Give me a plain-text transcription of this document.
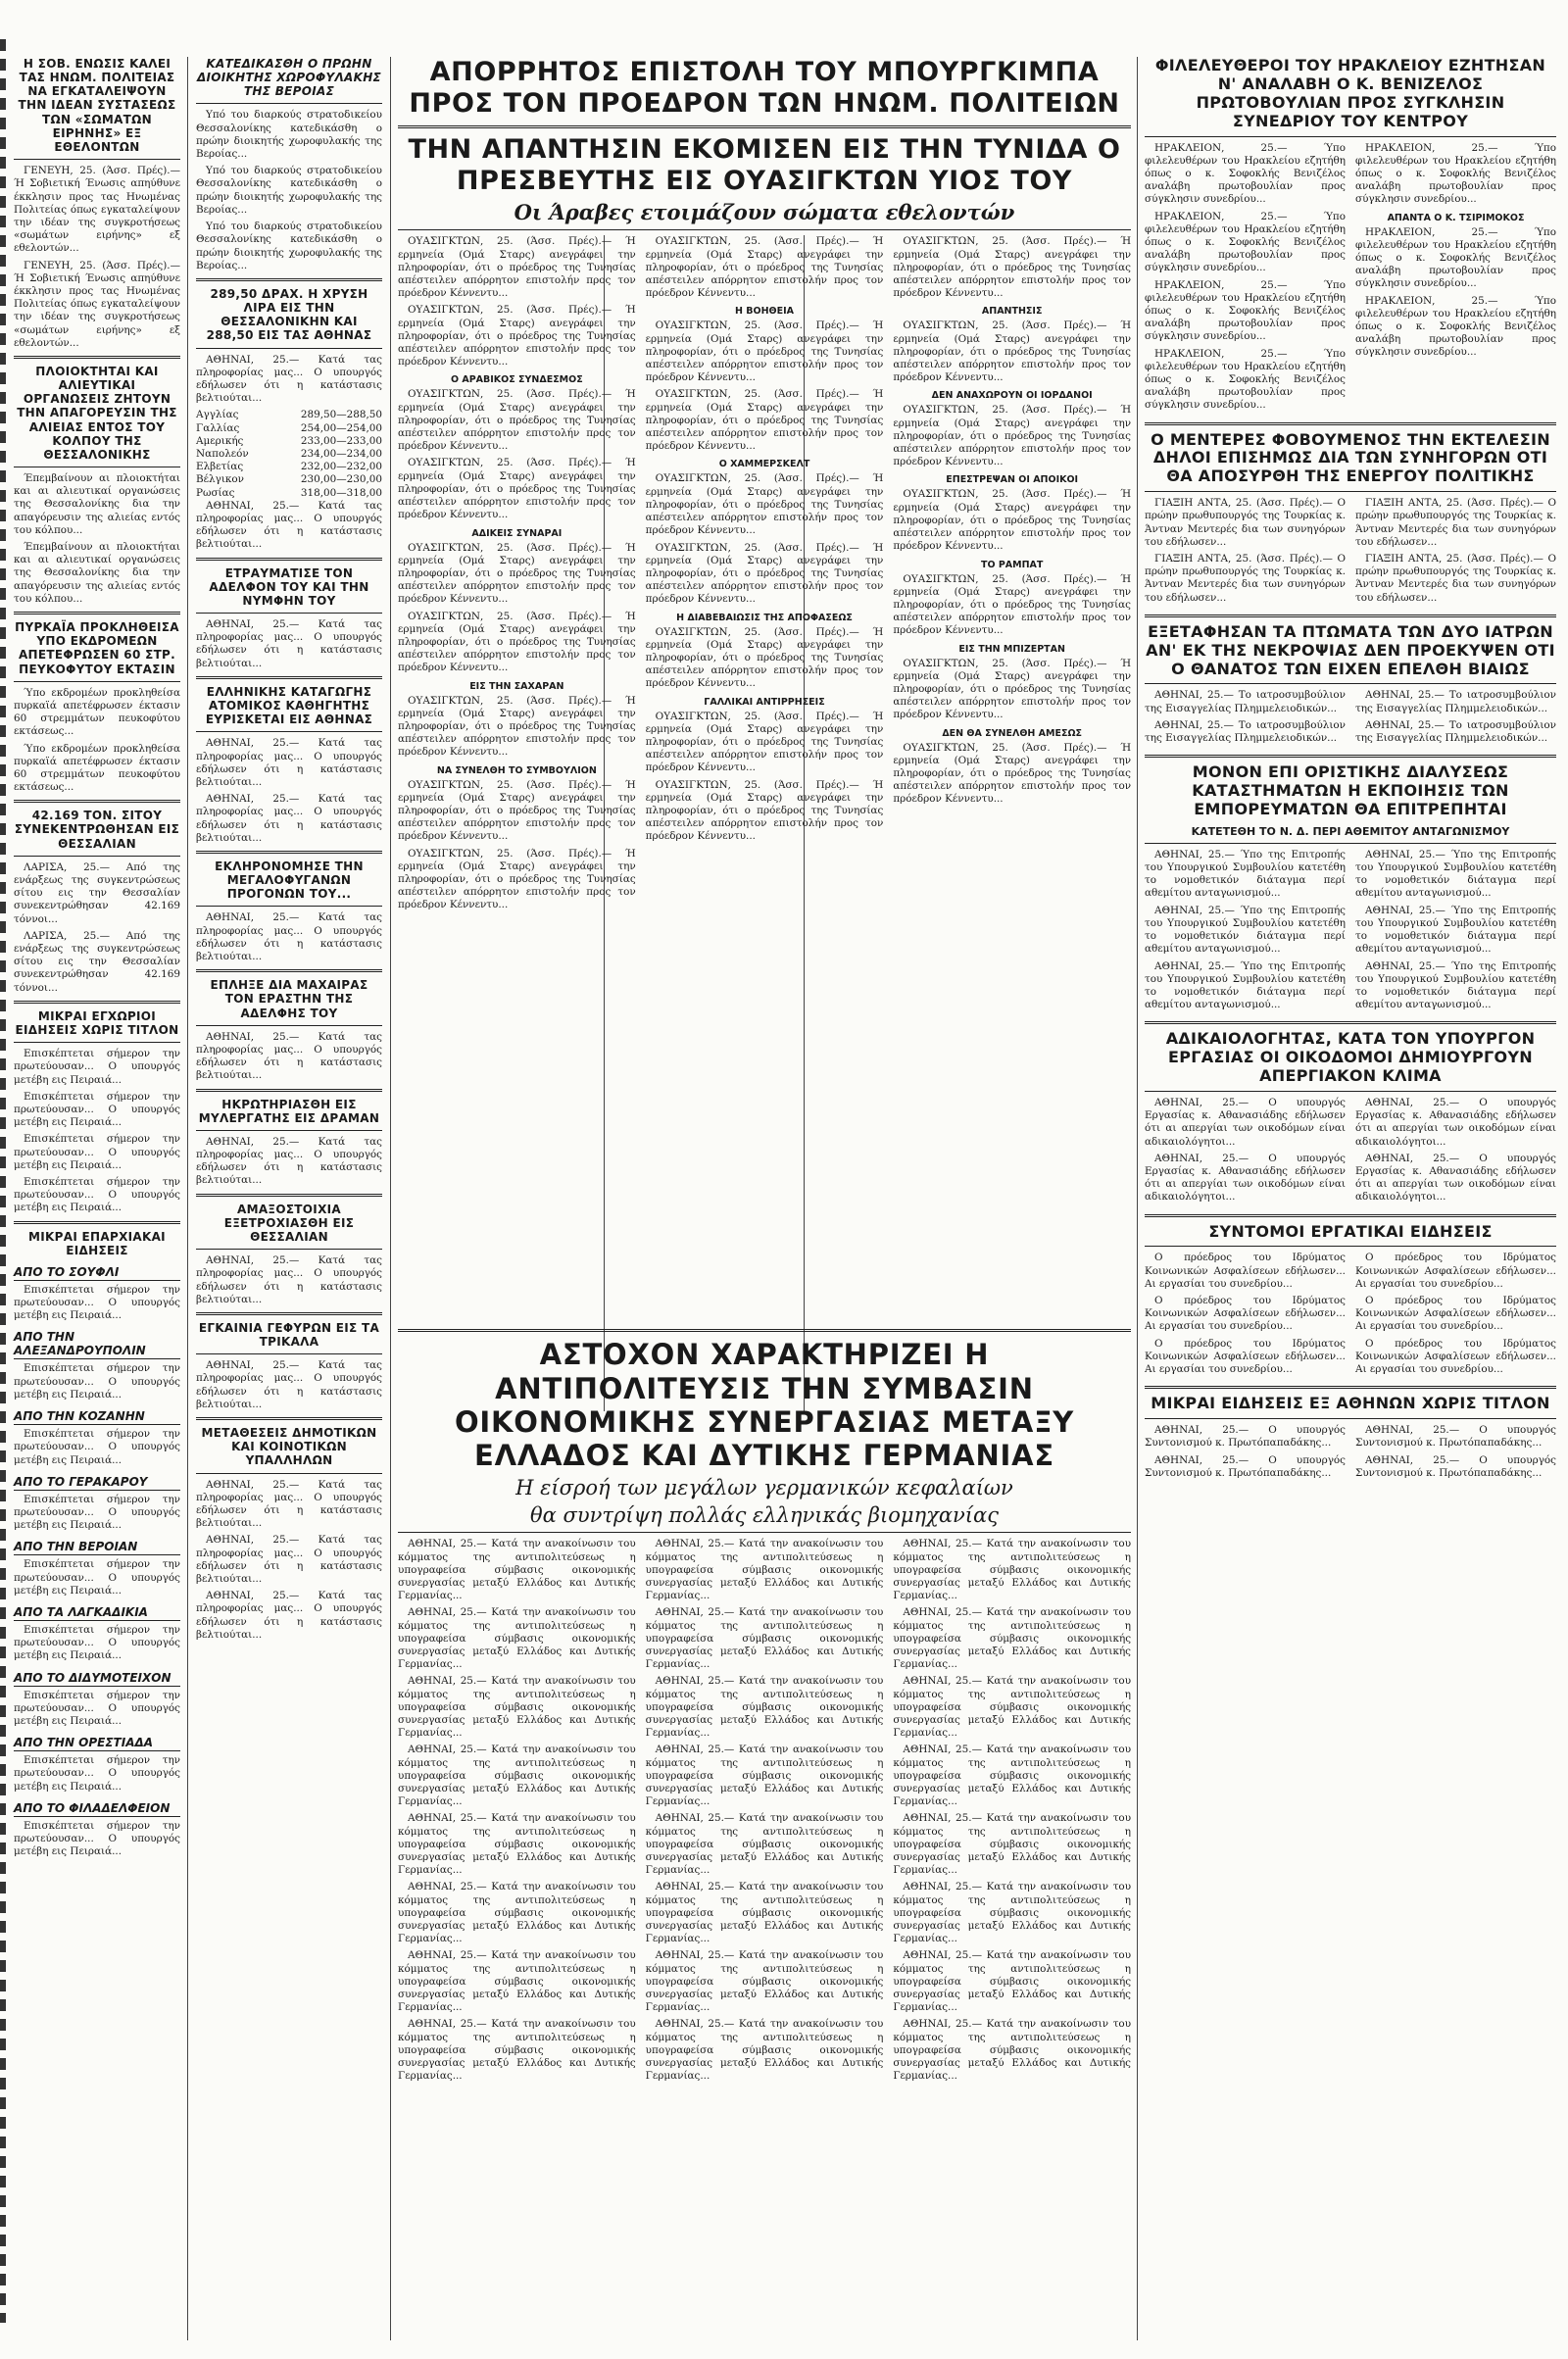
Η ΣΟΒ. ΕΝΩΣΙΣ ΚΑΛΕΙ ΤΑΣ ΗΝΩΜ. ΠΟΛΙΤΕΙΑΣ ΝΑ ΕΓΚΑΤΑΛΕΙΨΟΥΝ ΤΗΝ ΙΔΕΑΝ ΣΥΣΤΑΣΕΩΣ ΤΩΝ «ΣΩΜΑΤΩΝ ΕΙΡΗΝΗΣ» ΕΞ ΕΘΕΛΟΝΤΩΝ

ΓΕΝΕΥΗ, 25. (Άσσ. Πρές).— Ή Σοβιετική Ένωσις απηύθυνε έκκλησιν προς τας Ηνωμένας Πολιτείας όπως εγκαταλείψουν την ιδέαν της συγκροτήσεως «σωμάτων ειρήνης» εξ εθελοντών...

ΓΕΝΕΥΗ, 25. (Άσσ. Πρές).— Ή Σοβιετική Ένωσις απηύθυνε έκκλησιν προς τας Ηνωμένας Πολιτείας όπως εγκαταλείψουν την ιδέαν της συγκροτήσεως «σωμάτων ειρήνης» εξ εθελοντών...

ΠΛΟΙΟΚΤΗΤΑΙ ΚΑΙ ΑΛΙΕΥΤΙΚΑΙ ΟΡΓΑΝΩΣΕΙΣ ΖΗΤΟΥΝ ΤΗΝ ΑΠΑΓΟΡΕΥΣΙΝ ΤΗΣ ΑΛΙΕΙΑΣ ΕΝΤΟΣ ΤΟΥ ΚΟΛΠΟΥ ΤΗΣ ΘΕΣΣΑΛΟΝΙΚΗΣ

Έπεμβαίνουν αι πλοιοκτήται και αι αλιευτικαί οργανώσεις της Θεσσαλονίκης δια την απαγόρευσιν της αλιείας εντός του κόλπου...

Έπεμβαίνουν αι πλοιοκτήται και αι αλιευτικαί οργανώσεις της Θεσσαλονίκης δια την απαγόρευσιν της αλιείας εντός του κόλπου...

ΠΥΡΚΑΪΑ ΠΡΟΚΛΗΘΕΙΣΑ ΥΠΟ ΕΚΔΡΟΜΕΩΝ ΑΠΕΤΕΦΡΩΣΕΝ 60 ΣΤΡ. ΠΕΥΚΟΦΥΤΟΥ ΕΚΤΑΣΙΝ

Ύπο εκδρομέων προκληθείσα πυρκαϊά απετέφρωσεν έκτασιν 60 στρεμμάτων πευκοφύτου εκτάσεως...

Ύπο εκδρομέων προκληθείσα πυρκαϊά απετέφρωσεν έκτασιν 60 στρεμμάτων πευκοφύτου εκτάσεως...

42.169 ΤΟΝ. ΣΙΤΟΥ ΣΥΝΕΚΕΝΤΡΩΘΗΣΑΝ ΕΙΣ ΘΕΣΣΑΛΙΑΝ

ΛΑΡΙΣΑ, 25.— Από της ενάρξεως της συγκεντρώσεως σίτου εις την Θεσσαλίαν συνεκεντρώθησαν 42.169 τόννοι...

ΛΑΡΙΣΑ, 25.— Από της ενάρξεως της συγκεντρώσεως σίτου εις την Θεσσαλίαν συνεκεντρώθησαν 42.169 τόννοι...

ΜΙΚΡΑΙ ΕΓΧΩΡΙΟΙ ΕΙΔΗΣΕΙΣ ΧΩΡΙΣ ΤΙΤΛΟΝ

Επισκέπτεται σήμερον την πρωτεύουσαν... Ο υπουργός μετέβη εις Πειραιά...

Επισκέπτεται σήμερον την πρωτεύουσαν... Ο υπουργός μετέβη εις Πειραιά...

Επισκέπτεται σήμερον την πρωτεύουσαν... Ο υπουργός μετέβη εις Πειραιά...

Επισκέπτεται σήμερον την πρωτεύουσαν... Ο υπουργός μετέβη εις Πειραιά...

ΜΙΚΡΑΙ ΕΠΑΡΧΙΑΚΑΙ ΕΙΔΗΣΕΙΣ
ΑΠΟ ΤΟ ΣΟΥΦΛΙ

Επισκέπτεται σήμερον την πρωτεύουσαν... Ο υπουργός μετέβη εις Πειραιά...

ΑΠΟ ΤΗΝ ΑΛΕΞΑΝΔΡΟΥΠΟΛΙΝ

Επισκέπτεται σήμερον την πρωτεύουσαν... Ο υπουργός μετέβη εις Πειραιά...

ΑΠΟ ΤΗΝ ΚΟΖΑΝΗΝ

Επισκέπτεται σήμερον την πρωτεύουσαν... Ο υπουργός μετέβη εις Πειραιά...

ΑΠΟ ΤΟ ΓΕΡΑΚΑΡΟΥ

Επισκέπτεται σήμερον την πρωτεύουσαν... Ο υπουργός μετέβη εις Πειραιά...

ΑΠΟ ΤΗΝ ΒΕΡΟΙΑΝ

Επισκέπτεται σήμερον την πρωτεύουσαν... Ο υπουργός μετέβη εις Πειραιά...

ΑΠΟ ΤΑ ΛΑΓΚΑΔΙΚΙΑ

Επισκέπτεται σήμερον την πρωτεύουσαν... Ο υπουργός μετέβη εις Πειραιά...

ΑΠΟ ΤΟ ΔΙΔΥΜΟΤΕΙΧΟΝ

Επισκέπτεται σήμερον την πρωτεύουσαν... Ο υπουργός μετέβη εις Πειραιά...

ΑΠΟ ΤΗΝ ΟΡΕΣΤΙΑΔΑ

Επισκέπτεται σήμερον την πρωτεύουσαν... Ο υπουργός μετέβη εις Πειραιά...

ΑΠΟ ΤΟ ΦΙΛΑΔΕΛΦΕΙΟΝ

Επισκέπτεται σήμερον την πρωτεύουσαν... Ο υπουργός μετέβη εις Πειραιά...

ΚΑΤΕΔΙΚΑΣΘΗ Ο ΠΡΩΗΝ ΔΙΟΙΚΗΤΗΣ ΧΩΡΟΦΥΛΑΚΗΣ ΤΗΣ ΒΕΡΟΙΑΣ

Υπό του διαρκούς στρατοδικείου Θεσσαλονίκης κατεδικάσθη ο πρώην διοικητής χωροφυλακής της Βεροίας...

Υπό του διαρκούς στρατοδικείου Θεσσαλονίκης κατεδικάσθη ο πρώην διοικητής χωροφυλακής της Βεροίας...

Υπό του διαρκούς στρατοδικείου Θεσσαλονίκης κατεδικάσθη ο πρώην διοικητής χωροφυλακής της Βεροίας...

289,50 ΔΡΑΧ. Η ΧΡΥΣΗ ΛΙΡΑ ΕΙΣ ΤΗΝ ΘΕΣΣΑΛΟΝΙΚΗΝ ΚΑΙ 288,50 ΕΙΣ ΤΑΣ ΑΘΗΝΑΣ

ΑΘΗΝΑΙ, 25.— Κατά τας πληροφορίας μας... Ο υπουργός εδήλωσεν ότι η κατάστασις βελτιούται...

Αγγλίας	289,50—288,50
Γαλλίας	254,00—254,00
Αμερικής	233,00—233,00
Ναπολεόν	234,00—234,00
Ελβετίας	232,00—232,00
Βέλγικον	230,00—230,00
Ρωσίας	318,00—318,00

ΑΘΗΝΑΙ, 25.— Κατά τας πληροφορίας μας... Ο υπουργός εδήλωσεν ότι η κατάστασις βελτιούται...

ΕΤΡΑΥΜΑΤΙΣΕ ΤΟΝ ΑΔΕΛΦΟΝ ΤΟΥ ΚΑΙ ΤΗΝ ΝΥΜΦΗΝ ΤΟΥ

ΑΘΗΝΑΙ, 25.— Κατά τας πληροφορίας μας... Ο υπουργός εδήλωσεν ότι η κατάστασις βελτιούται...

ΕΛΛΗΝΙΚΗΣ ΚΑΤΑΓΩΓΗΣ ΑΤΟΜΙΚΟΣ ΚΑΘΗΓΗΤΗΣ ΕΥΡΙΣΚΕΤΑΙ ΕΙΣ ΑΘΗΝΑΣ

ΑΘΗΝΑΙ, 25.— Κατά τας πληροφορίας μας... Ο υπουργός εδήλωσεν ότι η κατάστασις βελτιούται...

ΑΘΗΝΑΙ, 25.— Κατά τας πληροφορίας μας... Ο υπουργός εδήλωσεν ότι η κατάστασις βελτιούται...

ΕΚΛΗΡΟΝΟΜΗΣΕ ΤΗΝ ΜΕΓΑΛΟΦΥΓΑΝΩΝ ΠΡΟΓΟΝΩΝ ΤΟΥ...

ΑΘΗΝΑΙ, 25.— Κατά τας πληροφορίας μας... Ο υπουργός εδήλωσεν ότι η κατάστασις βελτιούται...

ΕΠΛΗΞΕ ΔΙΑ ΜΑΧΑΙΡΑΣ ΤΟΝ ΕΡΑΣΤΗΝ ΤΗΣ ΑΔΕΛΦΗΣ ΤΟΥ

ΑΘΗΝΑΙ, 25.— Κατά τας πληροφορίας μας... Ο υπουργός εδήλωσεν ότι η κατάστασις βελτιούται...

ΗΚΡΩΤΗΡΙΑΣΘΗ ΕΙΣ ΜΥΛΕΡΓΑΤΗΣ ΕΙΣ ΔΡΑΜΑΝ

ΑΘΗΝΑΙ, 25.— Κατά τας πληροφορίας μας... Ο υπουργός εδήλωσεν ότι η κατάστασις βελτιούται...

ΑΜΑΞΟΣΤΟΙΧΙΑ ΕΞΕΤΡΟΧΙΑΣΘΗ ΕΙΣ ΘΕΣΣΑΛΙΑΝ

ΑΘΗΝΑΙ, 25.— Κατά τας πληροφορίας μας... Ο υπουργός εδήλωσεν ότι η κατάστασις βελτιούται...

ΕΓΚΑΙΝΙΑ ΓΕΦΥΡΩΝ ΕΙΣ ΤΑ ΤΡΙΚΑΛΑ

ΑΘΗΝΑΙ, 25.— Κατά τας πληροφορίας μας... Ο υπουργός εδήλωσεν ότι η κατάστασις βελτιούται...

ΜΕΤΑΘΕΣΕΙΣ ΔΗΜΟΤΙΚΩΝ ΚΑΙ ΚΟΙΝΟΤΙΚΩΝ ΥΠΑΛΛΗΛΩΝ

ΑΘΗΝΑΙ, 25.— Κατά τας πληροφορίας μας... Ο υπουργός εδήλωσεν ότι η κατάστασις βελτιούται...

ΑΘΗΝΑΙ, 25.— Κατά τας πληροφορίας μας... Ο υπουργός εδήλωσεν ότι η κατάστασις βελτιούται...

ΑΘΗΝΑΙ, 25.— Κατά τας πληροφορίας μας... Ο υπουργός εδήλωσεν ότι η κατάστασις βελτιούται...

ΑΠΟΡΡΗΤΟΣ ΕΠΙΣΤΟΛΗ ΤΟΥ ΜΠΟΥΡΓΚΙΜΠΑ ΠΡΟΣ ΤΟΝ ΠΡΟΕΔΡΟΝ ΤΩΝ ΗΝΩΜ. ΠΟΛΙΤΕΙΩΝ
ΤΗΝ ΑΠΑΝΤΗΣΙΝ ΕΚΟΜΙΣΕΝ ΕΙΣ ΤΗΝ ΤΥΝΙΔΑ Ο ΠΡΕΣΒΕΥΤΗΣ ΕΙΣ ΟΥΑΣΙΓΚΤΩΝ ΥΙΟΣ ΤΟΥ
Οι Άραβες ετοιμάζουν σώματα εθελοντών

ΟΥΑΣΙΓΚΤΩΝ, 25. (Άσσ. Πρές).— Ή ερμηνεία (Ομά Σταρς) ανεγράφει την πληροφορίαν, ότι ο πρόεδρος της Τυνησίας απέστειλεν απόρρητον επιστολήν προς τον πρόεδρον Κέννεντυ...

ΟΥΑΣΙΓΚΤΩΝ, 25. (Άσσ. Πρές).— Ή ερμηνεία (Ομά Σταρς) ανεγράφει την πληροφορίαν, ότι ο πρόεδρος της Τυνησίας απέστειλεν απόρρητον επιστολήν προς τον πρόεδρον Κέννεντυ...

Ο ΑΡΑΒΙΚΟΣ ΣΥΝΔΕΣΜΟΣ

ΟΥΑΣΙΓΚΤΩΝ, 25. (Άσσ. Πρές).— Ή ερμηνεία (Ομά Σταρς) ανεγράφει την πληροφορίαν, ότι ο πρόεδρος της Τυνησίας απέστειλεν απόρρητον επιστολήν προς τον πρόεδρον Κέννεντυ...

ΟΥΑΣΙΓΚΤΩΝ, 25. (Άσσ. Πρές).— Ή ερμηνεία (Ομά Σταρς) ανεγράφει την πληροφορίαν, ότι ο πρόεδρος της Τυνησίας απέστειλεν απόρρητον επιστολήν προς τον πρόεδρον Κέννεντυ...

ΑΔΙΚΕΙΣ ΣΥΝΑΡΑΙ

ΟΥΑΣΙΓΚΤΩΝ, 25. (Άσσ. Πρές).— Ή ερμηνεία (Ομά Σταρς) ανεγράφει την πληροφορίαν, ότι ο πρόεδρος της Τυνησίας απέστειλεν απόρρητον επιστολήν προς τον πρόεδρον Κέννεντυ...

ΟΥΑΣΙΓΚΤΩΝ, 25. (Άσσ. Πρές).— Ή ερμηνεία (Ομά Σταρς) ανεγράφει την πληροφορίαν, ότι ο πρόεδρος της Τυνησίας απέστειλεν απόρρητον επιστολήν προς τον πρόεδρον Κέννεντυ...

ΕΙΣ ΤΗΝ ΣΑΧΑΡΑΝ

ΟΥΑΣΙΓΚΤΩΝ, 25. (Άσσ. Πρές).— Ή ερμηνεία (Ομά Σταρς) ανεγράφει την πληροφορίαν, ότι ο πρόεδρος της Τυνησίας απέστειλεν απόρρητον επιστολήν προς τον πρόεδρον Κέννεντυ...

ΝΑ ΣΥΝΕΛΘΗ ΤΟ ΣΥΜΒΟΥΛΙΟΝ

ΟΥΑΣΙΓΚΤΩΝ, 25. (Άσσ. Πρές).— Ή ερμηνεία (Ομά Σταρς) ανεγράφει την πληροφορίαν, ότι ο πρόεδρος της Τυνησίας απέστειλεν απόρρητον επιστολήν προς τον πρόεδρον Κέννεντυ...

ΟΥΑΣΙΓΚΤΩΝ, 25. (Άσσ. Πρές).— Ή ερμηνεία (Ομά Σταρς) ανεγράφει την πληροφορίαν, ότι ο πρόεδρος της Τυνησίας απέστειλεν απόρρητον επιστολήν προς τον πρόεδρον Κέννεντυ...

ΟΥΑΣΙΓΚΤΩΝ, 25. (Άσσ. Πρές).— Ή ερμηνεία (Ομά Σταρς) ανεγράφει την πληροφορίαν, ότι ο πρόεδρος της Τυνησίας απέστειλεν απόρρητον επιστολήν προς τον πρόεδρον Κέννεντυ...

Η ΒΟΗΘΕΙΑ

ΟΥΑΣΙΓΚΤΩΝ, 25. (Άσσ. Πρές).— Ή ερμηνεία (Ομά Σταρς) ανεγράφει την πληροφορίαν, ότι ο πρόεδρος της Τυνησίας απέστειλεν απόρρητον επιστολήν προς τον πρόεδρον Κέννεντυ...

ΟΥΑΣΙΓΚΤΩΝ, 25. (Άσσ. Πρές).— Ή ερμηνεία (Ομά Σταρς) ανεγράφει την πληροφορίαν, ότι ο πρόεδρος της Τυνησίας απέστειλεν απόρρητον επιστολήν προς τον πρόεδρον Κέννεντυ...

Ο ΧΑΜΜΕΡΣΚΕΛΤ

ΟΥΑΣΙΓΚΤΩΝ, 25. (Άσσ. Πρές).— Ή ερμηνεία (Ομά Σταρς) ανεγράφει την πληροφορίαν, ότι ο πρόεδρος της Τυνησίας απέστειλεν απόρρητον επιστολήν προς τον πρόεδρον Κέννεντυ...

ΟΥΑΣΙΓΚΤΩΝ, 25. (Άσσ. Πρές).— Ή ερμηνεία (Ομά Σταρς) ανεγράφει την πληροφορίαν, ότι ο πρόεδρος της Τυνησίας απέστειλεν απόρρητον επιστολήν προς τον πρόεδρον Κέννεντυ...

Η ΔΙΑΒΕΒΑΙΩΣΙΣ ΤΗΣ ΑΠΟΦΑΣΕΩΣ

ΟΥΑΣΙΓΚΤΩΝ, 25. (Άσσ. Πρές).— Ή ερμηνεία (Ομά Σταρς) ανεγράφει την πληροφορίαν, ότι ο πρόεδρος της Τυνησίας απέστειλεν απόρρητον επιστολήν προς τον πρόεδρον Κέννεντυ...

ΓΑΛΛΙΚΑΙ ΑΝΤΙΡΡΗΣΕΙΣ

ΟΥΑΣΙΓΚΤΩΝ, 25. (Άσσ. Πρές).— Ή ερμηνεία (Ομά Σταρς) ανεγράφει την πληροφορίαν, ότι ο πρόεδρος της Τυνησίας απέστειλεν απόρρητον επιστολήν προς τον πρόεδρον Κέννεντυ...

ΟΥΑΣΙΓΚΤΩΝ, 25. (Άσσ. Πρές).— Ή ερμηνεία (Ομά Σταρς) ανεγράφει την πληροφορίαν, ότι ο πρόεδρος της Τυνησίας απέστειλεν απόρρητον επιστολήν προς τον πρόεδρον Κέννεντυ...

ΟΥΑΣΙΓΚΤΩΝ, 25. (Άσσ. Πρές).— Ή ερμηνεία (Ομά Σταρς) ανεγράφει την πληροφορίαν, ότι ο πρόεδρος της Τυνησίας απέστειλεν απόρρητον επιστολήν προς τον πρόεδρον Κέννεντυ...

ΑΠΑΝΤΗΣΙΣ

ΟΥΑΣΙΓΚΤΩΝ, 25. (Άσσ. Πρές).— Ή ερμηνεία (Ομά Σταρς) ανεγράφει την πληροφορίαν, ότι ο πρόεδρος της Τυνησίας απέστειλεν απόρρητον επιστολήν προς τον πρόεδρον Κέννεντυ...

ΔΕΝ ΑΝΑΧΩΡΟΥΝ ΟΙ ΙΟΡΔΑΝΟΙ

ΟΥΑΣΙΓΚΤΩΝ, 25. (Άσσ. Πρές).— Ή ερμηνεία (Ομά Σταρς) ανεγράφει την πληροφορίαν, ότι ο πρόεδρος της Τυνησίας απέστειλεν απόρρητον επιστολήν προς τον πρόεδρον Κέννεντυ...

ΕΠΕΣΤΡΕΨΑΝ ΟΙ ΑΠΟΙΚΟΙ

ΟΥΑΣΙΓΚΤΩΝ, 25. (Άσσ. Πρές).— Ή ερμηνεία (Ομά Σταρς) ανεγράφει την πληροφορίαν, ότι ο πρόεδρος της Τυνησίας απέστειλεν απόρρητον επιστολήν προς τον πρόεδρον Κέννεντυ...

ΤΟ ΡΑΜΠΑΤ

ΟΥΑΣΙΓΚΤΩΝ, 25. (Άσσ. Πρές).— Ή ερμηνεία (Ομά Σταρς) ανεγράφει την πληροφορίαν, ότι ο πρόεδρος της Τυνησίας απέστειλεν απόρρητον επιστολήν προς τον πρόεδρον Κέννεντυ...

ΕΙΣ ΤΗΝ ΜΠΙΖΕΡΤΑΝ

ΟΥΑΣΙΓΚΤΩΝ, 25. (Άσσ. Πρές).— Ή ερμηνεία (Ομά Σταρς) ανεγράφει την πληροφορίαν, ότι ο πρόεδρος της Τυνησίας απέστειλεν απόρρητον επιστολήν προς τον πρόεδρον Κέννεντυ...

ΔΕΝ ΘΑ ΣΥΝΕΛΘΗ ΑΜΕΣΩΣ

ΟΥΑΣΙΓΚΤΩΝ, 25. (Άσσ. Πρές).— Ή ερμηνεία (Ομά Σταρς) ανεγράφει την πληροφορίαν, ότι ο πρόεδρος της Τυνησίας απέστειλεν απόρρητον επιστολήν προς τον πρόεδρον Κέννεντυ...

ΑΣΤΟΧΟΝ ΧΑΡΑΚΤΗΡΙΖΕΙ Η ΑΝΤΙΠΟΛΙΤΕΥΣΙΣ ΤΗΝ ΣΥΜΒΑΣΙΝ ΟΙΚΟΝΟΜΙΚΗΣ ΣΥΝΕΡΓΑΣΙΑΣ ΜΕΤΑΞΥ ΕΛΛΑΔΟΣ ΚΑΙ ΔΥΤΙΚΗΣ ΓΕΡΜΑΝΙΑΣ
Η είσροή των μεγάλων γερμανικών κεφαλαίων
θα συντρίψη πολλάς ελληνικάς βιομηχανίας

ΑΘΗΝΑΙ, 25.— Κατά την ανακοίνωσιν του κόμματος της αντιπολιτεύσεως η υπογραφείσα σύμβασις οικονομικής συνεργασίας μεταξύ Ελλάδος και Δυτικής Γερμανίας...

ΑΘΗΝΑΙ, 25.— Κατά την ανακοίνωσιν του κόμματος της αντιπολιτεύσεως η υπογραφείσα σύμβασις οικονομικής συνεργασίας μεταξύ Ελλάδος και Δυτικής Γερμανίας...

ΑΘΗΝΑΙ, 25.— Κατά την ανακοίνωσιν του κόμματος της αντιπολιτεύσεως η υπογραφείσα σύμβασις οικονομικής συνεργασίας μεταξύ Ελλάδος και Δυτικής Γερμανίας...

ΑΘΗΝΑΙ, 25.— Κατά την ανακοίνωσιν του κόμματος της αντιπολιτεύσεως η υπογραφείσα σύμβασις οικονομικής συνεργασίας μεταξύ Ελλάδος και Δυτικής Γερμανίας...

ΑΘΗΝΑΙ, 25.— Κατά την ανακοίνωσιν του κόμματος της αντιπολιτεύσεως η υπογραφείσα σύμβασις οικονομικής συνεργασίας μεταξύ Ελλάδος και Δυτικής Γερμανίας...

ΑΘΗΝΑΙ, 25.— Κατά την ανακοίνωσιν του κόμματος της αντιπολιτεύσεως η υπογραφείσα σύμβασις οικονομικής συνεργασίας μεταξύ Ελλάδος και Δυτικής Γερμανίας...

ΑΘΗΝΑΙ, 25.— Κατά την ανακοίνωσιν του κόμματος της αντιπολιτεύσεως η υπογραφείσα σύμβασις οικονομικής συνεργασίας μεταξύ Ελλάδος και Δυτικής Γερμανίας...

ΑΘΗΝΑΙ, 25.— Κατά την ανακοίνωσιν του κόμματος της αντιπολιτεύσεως η υπογραφείσα σύμβασις οικονομικής συνεργασίας μεταξύ Ελλάδος και Δυτικής Γερμανίας...

ΑΘΗΝΑΙ, 25.— Κατά την ανακοίνωσιν του κόμματος της αντιπολιτεύσεως η υπογραφείσα σύμβασις οικονομικής συνεργασίας μεταξύ Ελλάδος και Δυτικής Γερμανίας...

ΑΘΗΝΑΙ, 25.— Κατά την ανακοίνωσιν του κόμματος της αντιπολιτεύσεως η υπογραφείσα σύμβασις οικονομικής συνεργασίας μεταξύ Ελλάδος και Δυτικής Γερμανίας...

ΑΘΗΝΑΙ, 25.— Κατά την ανακοίνωσιν του κόμματος της αντιπολιτεύσεως η υπογραφείσα σύμβασις οικονομικής συνεργασίας μεταξύ Ελλάδος και Δυτικής Γερμανίας...

ΑΘΗΝΑΙ, 25.— Κατά την ανακοίνωσιν του κόμματος της αντιπολιτεύσεως η υπογραφείσα σύμβασις οικονομικής συνεργασίας μεταξύ Ελλάδος και Δυτικής Γερμανίας...

ΑΘΗΝΑΙ, 25.— Κατά την ανακοίνωσιν του κόμματος της αντιπολιτεύσεως η υπογραφείσα σύμβασις οικονομικής συνεργασίας μεταξύ Ελλάδος και Δυτικής Γερμανίας...

ΑΘΗΝΑΙ, 25.— Κατά την ανακοίνωσιν του κόμματος της αντιπολιτεύσεως η υπογραφείσα σύμβασις οικονομικής συνεργασίας μεταξύ Ελλάδος και Δυτικής Γερμανίας...

ΑΘΗΝΑΙ, 25.— Κατά την ανακοίνωσιν του κόμματος της αντιπολιτεύσεως η υπογραφείσα σύμβασις οικονομικής συνεργασίας μεταξύ Ελλάδος και Δυτικής Γερμανίας...

ΑΘΗΝΑΙ, 25.— Κατά την ανακοίνωσιν του κόμματος της αντιπολιτεύσεως η υπογραφείσα σύμβασις οικονομικής συνεργασίας μεταξύ Ελλάδος και Δυτικής Γερμανίας...

ΑΘΗΝΑΙ, 25.— Κατά την ανακοίνωσιν του κόμματος της αντιπολιτεύσεως η υπογραφείσα σύμβασις οικονομικής συνεργασίας μεταξύ Ελλάδος και Δυτικής Γερμανίας...

ΑΘΗΝΑΙ, 25.— Κατά την ανακοίνωσιν του κόμματος της αντιπολιτεύσεως η υπογραφείσα σύμβασις οικονομικής συνεργασίας μεταξύ Ελλάδος και Δυτικής Γερμανίας...

ΑΘΗΝΑΙ, 25.— Κατά την ανακοίνωσιν του κόμματος της αντιπολιτεύσεως η υπογραφείσα σύμβασις οικονομικής συνεργασίας μεταξύ Ελλάδος και Δυτικής Γερμανίας...

ΑΘΗΝΑΙ, 25.— Κατά την ανακοίνωσιν του κόμματος της αντιπολιτεύσεως η υπογραφείσα σύμβασις οικονομικής συνεργασίας μεταξύ Ελλάδος και Δυτικής Γερμανίας...

ΑΘΗΝΑΙ, 25.— Κατά την ανακοίνωσιν του κόμματος της αντιπολιτεύσεως η υπογραφείσα σύμβασις οικονομικής συνεργασίας μεταξύ Ελλάδος και Δυτικής Γερμανίας...

ΑΘΗΝΑΙ, 25.— Κατά την ανακοίνωσιν του κόμματος της αντιπολιτεύσεως η υπογραφείσα σύμβασις οικονομικής συνεργασίας μεταξύ Ελλάδος και Δυτικής Γερμανίας...

ΑΘΗΝΑΙ, 25.— Κατά την ανακοίνωσιν του κόμματος της αντιπολιτεύσεως η υπογραφείσα σύμβασις οικονομικής συνεργασίας μεταξύ Ελλάδος και Δυτικής Γερμανίας...

ΑΘΗΝΑΙ, 25.— Κατά την ανακοίνωσιν του κόμματος της αντιπολιτεύσεως η υπογραφείσα σύμβασις οικονομικής συνεργασίας μεταξύ Ελλάδος και Δυτικής Γερμανίας...

ΦΙΛΕΛΕΥΘΕΡΟΙ ΤΟΥ ΗΡΑΚΛΕΙΟΥ ΕΖΗΤΗΣΑΝ Ν' ΑΝΑΛΑΒΗ Ο Κ. ΒΕΝΙΖΕΛΟΣ ΠΡΩΤΟΒΟΥΛΙΑΝ ΠΡΟΣ ΣΥΓΚΛΗΣΙΝ ΣΥΝΕΔΡΙΟΥ ΤΟΥ ΚΕΝΤΡΟΥ

ΗΡΑΚΛΕΙΟΝ, 25.— Ύπο φιλελευθέρων του Ηρακλείου εζητήθη όπως ο κ. Σοφοκλής Βενιζέλος αναλάβη πρωτοβουλίαν προς σύγκλησιν συνεδρίου...

ΗΡΑΚΛΕΙΟΝ, 25.— Ύπο φιλελευθέρων του Ηρακλείου εζητήθη όπως ο κ. Σοφοκλής Βενιζέλος αναλάβη πρωτοβουλίαν προς σύγκλησιν συνεδρίου...

ΗΡΑΚΛΕΙΟΝ, 25.— Ύπο φιλελευθέρων του Ηρακλείου εζητήθη όπως ο κ. Σοφοκλής Βενιζέλος αναλάβη πρωτοβουλίαν προς σύγκλησιν συνεδρίου...

ΗΡΑΚΛΕΙΟΝ, 25.— Ύπο φιλελευθέρων του Ηρακλείου εζητήθη όπως ο κ. Σοφοκλής Βενιζέλος αναλάβη πρωτοβουλίαν προς σύγκλησιν συνεδρίου...

ΗΡΑΚΛΕΙΟΝ, 25.— Ύπο φιλελευθέρων του Ηρακλείου εζητήθη όπως ο κ. Σοφοκλής Βενιζέλος αναλάβη πρωτοβουλίαν προς σύγκλησιν συνεδρίου...

ΑΠΑΝΤΑ Ο Κ. ΤΣΙΡΙΜΟΚΟΣ

ΗΡΑΚΛΕΙΟΝ, 25.— Ύπο φιλελευθέρων του Ηρακλείου εζητήθη όπως ο κ. Σοφοκλής Βενιζέλος αναλάβη πρωτοβουλίαν προς σύγκλησιν συνεδρίου...

ΗΡΑΚΛΕΙΟΝ, 25.— Ύπο φιλελευθέρων του Ηρακλείου εζητήθη όπως ο κ. Σοφοκλής Βενιζέλος αναλάβη πρωτοβουλίαν προς σύγκλησιν συνεδρίου...

Ο ΜΕΝΤΕΡΕΣ ΦΟΒΟΥΜΕΝΟΣ ΤΗΝ ΕΚΤΕΛΕΣΙΝ ΔΗΛΟΙ ΕΠΙΣΗΜΩΣ ΔΙΑ ΤΩΝ ΣΥΝΗΓΟΡΩΝ ΟΤΙ ΘΑ ΑΠΟΣΥΡΘΗ ΤΗΣ ΕΝΕΡΓΟΥ ΠΟΛΙΤΙΚΗΣ

ΓΙΑΞΙΗ ΑΝΤΑ, 25. (Άσσ. Πρές).— Ο πρώην πρωθυπουργός της Τουρκίας κ. Άντναν Μεντερές δια των συνηγόρων του εδήλωσεν...

ΓΙΑΞΙΗ ΑΝΤΑ, 25. (Άσσ. Πρές).— Ο πρώην πρωθυπουργός της Τουρκίας κ. Άντναν Μεντερές δια των συνηγόρων του εδήλωσεν...

ΓΙΑΞΙΗ ΑΝΤΑ, 25. (Άσσ. Πρές).— Ο πρώην πρωθυπουργός της Τουρκίας κ. Άντναν Μεντερές δια των συνηγόρων του εδήλωσεν...

ΓΙΑΞΙΗ ΑΝΤΑ, 25. (Άσσ. Πρές).— Ο πρώην πρωθυπουργός της Τουρκίας κ. Άντναν Μεντερές δια των συνηγόρων του εδήλωσεν...

ΕΞΕΤΑΦΗΣΑΝ ΤΑ ΠΤΩΜΑΤΑ ΤΩΝ ΔΥΟ ΙΑΤΡΩΝ ΑΝ' ΕΚ ΤΗΣ ΝΕΚΡΟΨΙΑΣ ΔΕΝ ΠΡΟΕΚΥΨΕΝ ΟΤΙ Ο ΘΑΝΑΤΟΣ ΤΩΝ ΕΙΧΕΝ ΕΠΕΛΘΗ ΒΙΑΙΩΣ

ΑΘΗΝΑΙ, 25.— Το ιατροσυμβούλιον της Εισαγγελίας Πλημμελειοδικών...

ΑΘΗΝΑΙ, 25.— Το ιατροσυμβούλιον της Εισαγγελίας Πλημμελειοδικών...

ΑΘΗΝΑΙ, 25.— Το ιατροσυμβούλιον της Εισαγγελίας Πλημμελειοδικών...

ΑΘΗΝΑΙ, 25.— Το ιατροσυμβούλιον της Εισαγγελίας Πλημμελειοδικών...

ΜΟΝΟΝ ΕΠΙ ΟΡΙΣΤΙΚΗΣ ΔΙΑΛΥΣΕΩΣ ΚΑΤΑΣΤΗΜΑΤΩΝ Η ΕΚΠΟΙΗΣΙΣ ΤΩΝ ΕΜΠΟΡΕΥΜΑΤΩΝ ΘΑ ΕΠΙΤΡΕΠΗΤΑΙ
ΚΑΤΕΤΕΘΗ ΤΟ Ν. Δ. ΠΕΡΙ ΑΘΕΜΙΤΟΥ ΑΝΤΑΓΩΝΙΣΜΟΥ

ΑΘΗΝΑΙ, 25.— Ύπο της Επιτροπής του Υπουργικού Συμβουλίου κατετέθη το νομοθετικόν διάταγμα περί αθεμίτου ανταγωνισμού...

ΑΘΗΝΑΙ, 25.— Ύπο της Επιτροπής του Υπουργικού Συμβουλίου κατετέθη το νομοθετικόν διάταγμα περί αθεμίτου ανταγωνισμού...

ΑΘΗΝΑΙ, 25.— Ύπο της Επιτροπής του Υπουργικού Συμβουλίου κατετέθη το νομοθετικόν διάταγμα περί αθεμίτου ανταγωνισμού...

ΑΘΗΝΑΙ, 25.— Ύπο της Επιτροπής του Υπουργικού Συμβουλίου κατετέθη το νομοθετικόν διάταγμα περί αθεμίτου ανταγωνισμού...

ΑΘΗΝΑΙ, 25.— Ύπο της Επιτροπής του Υπουργικού Συμβουλίου κατετέθη το νομοθετικόν διάταγμα περί αθεμίτου ανταγωνισμού...

ΑΘΗΝΑΙ, 25.— Ύπο της Επιτροπής του Υπουργικού Συμβουλίου κατετέθη το νομοθετικόν διάταγμα περί αθεμίτου ανταγωνισμού...

ΑΔΙΚΑΙΟΛΟΓΗΤΑΣ, ΚΑΤΑ ΤΟΝ ΥΠΟΥΡΓΟΝ ΕΡΓΑΣΙΑΣ ΟΙ ΟΙΚΟΔΟΜΟΙ ΔΗΜΙΟΥΡΓΟΥΝ ΑΠΕΡΓΙΑΚΟΝ ΚΛΙΜΑ

ΑΘΗΝΑΙ, 25.— Ο υπουργός Εργασίας κ. Αθανασιάδης εδήλωσεν ότι αι απεργίαι των οικοδόμων είναι αδικαιολόγητοι...

ΑΘΗΝΑΙ, 25.— Ο υπουργός Εργασίας κ. Αθανασιάδης εδήλωσεν ότι αι απεργίαι των οικοδόμων είναι αδικαιολόγητοι...

ΑΘΗΝΑΙ, 25.— Ο υπουργός Εργασίας κ. Αθανασιάδης εδήλωσεν ότι αι απεργίαι των οικοδόμων είναι αδικαιολόγητοι...

ΑΘΗΝΑΙ, 25.— Ο υπουργός Εργασίας κ. Αθανασιάδης εδήλωσεν ότι αι απεργίαι των οικοδόμων είναι αδικαιολόγητοι...

ΣΥΝΤΟΜΟΙ ΕΡΓΑΤΙΚΑΙ ΕΙΔΗΣΕΙΣ

Ο πρόεδρος του Ιδρύματος Κοινωνικών Ασφαλίσεων εδήλωσεν... Αι εργασίαι του συνεδρίου...

Ο πρόεδρος του Ιδρύματος Κοινωνικών Ασφαλίσεων εδήλωσεν... Αι εργασίαι του συνεδρίου...

Ο πρόεδρος του Ιδρύματος Κοινωνικών Ασφαλίσεων εδήλωσεν... Αι εργασίαι του συνεδρίου...

Ο πρόεδρος του Ιδρύματος Κοινωνικών Ασφαλίσεων εδήλωσεν... Αι εργασίαι του συνεδρίου...

Ο πρόεδρος του Ιδρύματος Κοινωνικών Ασφαλίσεων εδήλωσεν... Αι εργασίαι του συνεδρίου...

Ο πρόεδρος του Ιδρύματος Κοινωνικών Ασφαλίσεων εδήλωσεν... Αι εργασίαι του συνεδρίου...

ΜΙΚΡΑΙ ΕΙΔΗΣΕΙΣ ΕΞ ΑΘΗΝΩΝ ΧΩΡΙΣ ΤΙΤΛΟΝ

ΑΘΗΝΑΙ, 25.— Ο υπουργός Συντονισμού κ. Πρωτόπαπαδάκης...

ΑΘΗΝΑΙ, 25.— Ο υπουργός Συντονισμού κ. Πρωτόπαπαδάκης...

ΑΘΗΝΑΙ, 25.— Ο υπουργός Συντονισμού κ. Πρωτόπαπαδάκης...

ΑΘΗΝΑΙ, 25.— Ο υπουργός Συντονισμού κ. Πρωτόπαπαδάκης...
